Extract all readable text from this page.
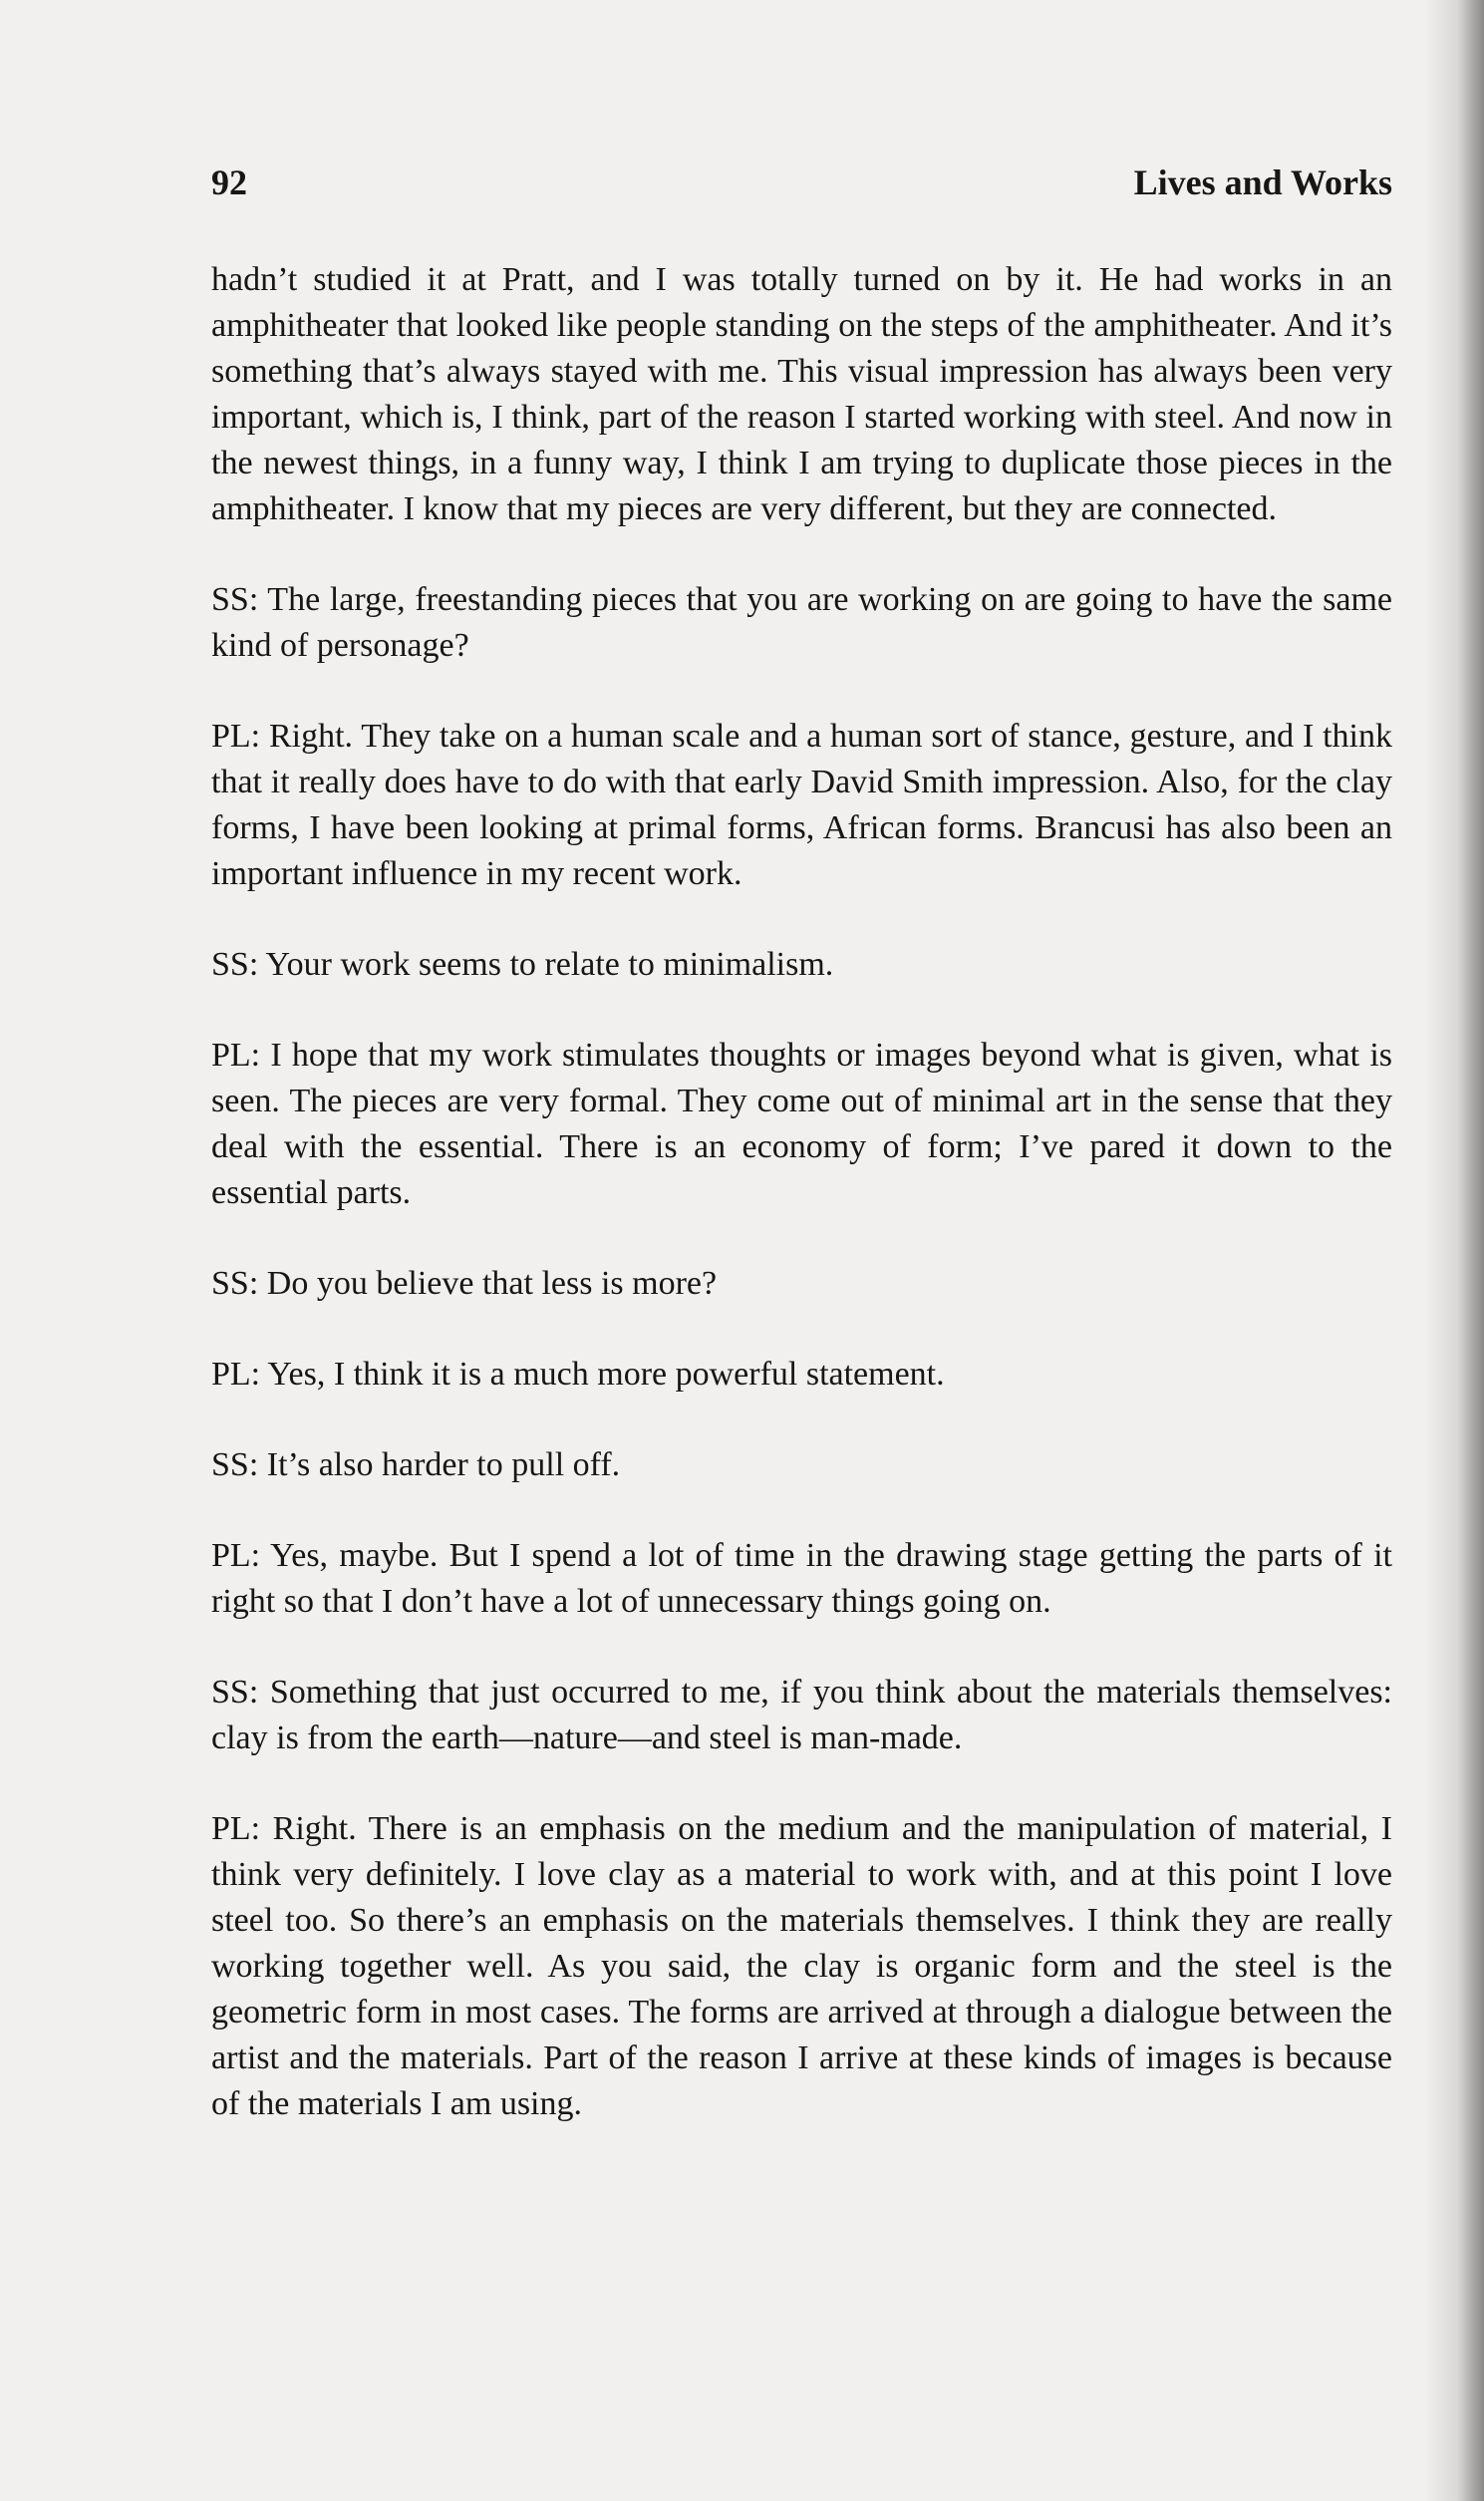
92	Lives and Works

hadn’t studied it at Pratt, and I was totally turned on by it. He had works in an amphitheater that looked like people standing on the steps of the amphitheater. And it’s something that’s always stayed with me. This visual impression has always been very important, which is, I think, part of the reason I started working with steel. And now in the newest things, in a funny way, I think I am trying to duplicate those pieces in the amphitheater. I know that my pieces are very different, but they are connected.

SS: The large, freestanding pieces that you are working on are going to have the same kind of personage?

PL: Right. They take on a human scale and a human sort of stance, gesture, and I think that it really does have to do with that early David Smith impression. Also, for the clay forms, I have been looking at primal forms, African forms. Brancusi has also been an important influence in my recent work.

SS: Your work seems to relate to minimalism.

PL: I hope that my work stimulates thoughts or images beyond what is given, what is seen. The pieces are very formal. They come out of minimal art in the sense that they deal with the essential. There is an economy of form; I’ve pared it down to the essential parts.

SS: Do you believe that less is more?

PL: Yes, I think it is a much more powerful statement.

SS: It’s also harder to pull off.

PL: Yes, maybe. But I spend a lot of time in the drawing stage getting the parts of it right so that I don’t have a lot of unnecessary things going on.

SS: Something that just occurred to me, if you think about the materials themselves: clay is from the earth—nature—and steel is man-made.

PL: Right. There is an emphasis on the medium and the manipulation of material, I think very definitely. I love clay as a material to work with, and at this point I love steel too. So there’s an emphasis on the materials themselves. I think they are really working together well. As you said, the clay is organic form and the steel is the geometric form in most cases. The forms are arrived at through a dialogue between the artist and the materials. Part of the reason I arrive at these kinds of images is because of the materials I am using.
